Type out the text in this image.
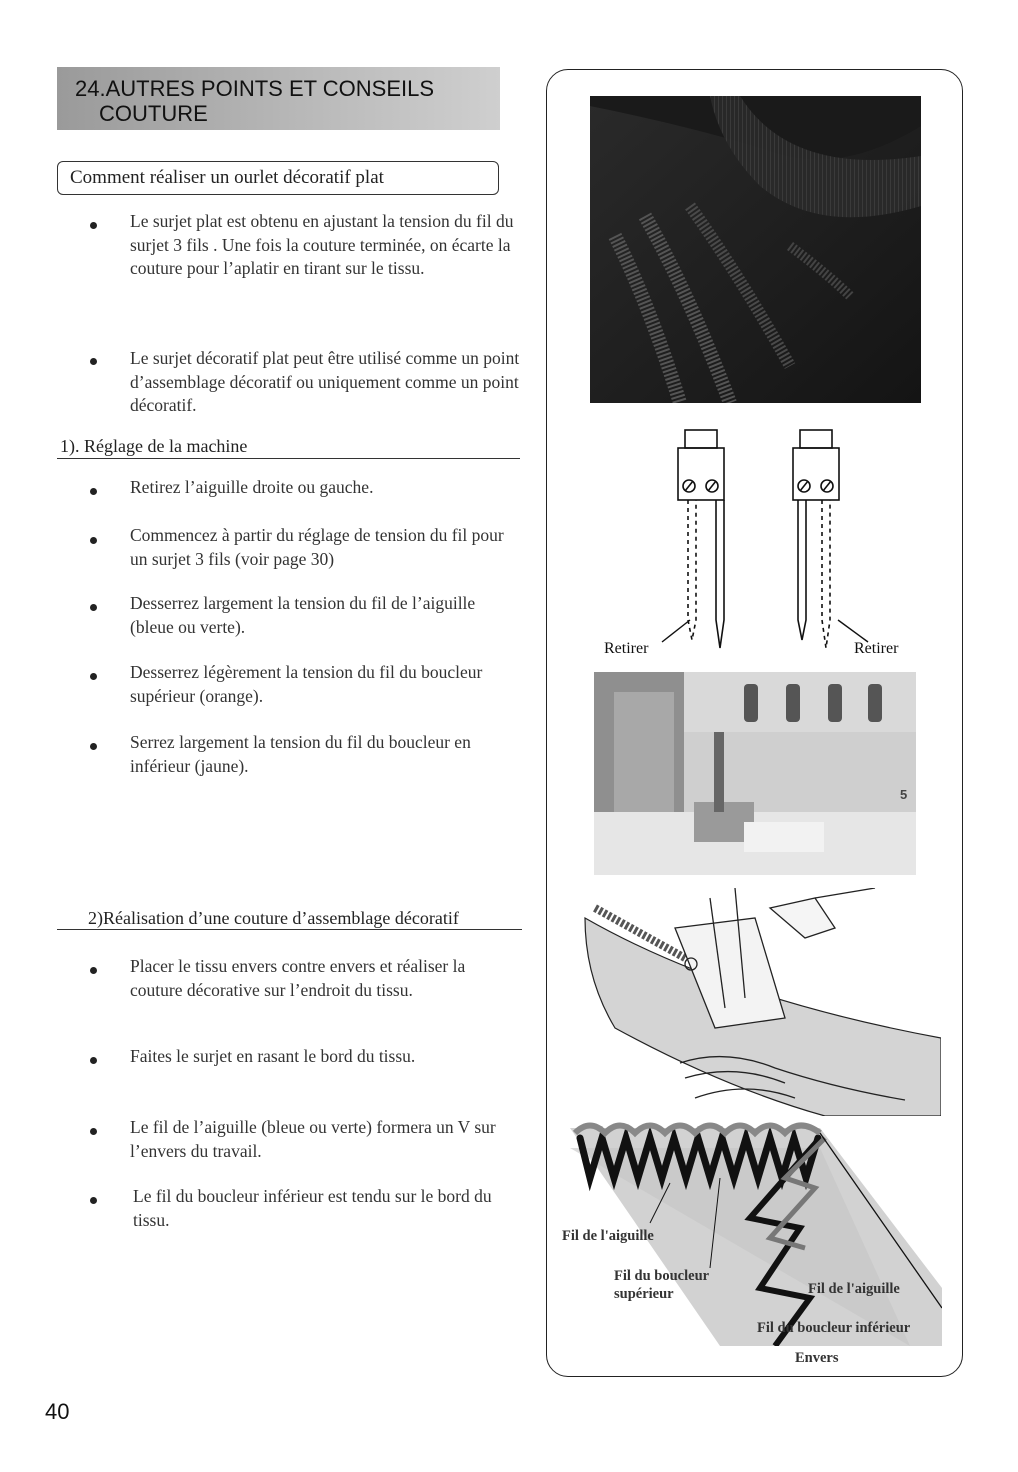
24.AUTRES POINTS ET CONSEILS
COUTURE
Comment réaliser un ourlet décoratif plat
Le surjet plat est obtenu en ajustant la tension du fil du surjet 3 fils . Une fois la couture terminée, on écarte la couture pour l’aplatir en tirant sur le tissu.
Le surjet décoratif plat peut être utilisé comme un point d’assemblage décoratif ou uniquement comme un point décoratif.
1). Réglage de la machine
Retirez l’aiguille droite ou gauche.
Commencez à partir du réglage de tension du fil pour un surjet 3 fils (voir page 30)
Desserrez largement la tension du fil de l’aiguille (bleue ou verte).
Desserrez légèrement la tension du fil du boucleur supérieur (orange).
Serrez largement la tension du fil du boucleur en inférieur (jaune).
2)Réalisation d’une couture d’assemblage décoratif
Placer le tissu envers contre envers et réaliser la couture décorative sur l’endroit du tissu.
Faites le surjet en rasant le bord du tissu.
Le fil de l’aiguille (bleue ou verte) formera un V sur l’envers du travail.
Le fil du boucleur inférieur est tendu sur le bord du tissu.
Retirer	Retirer
5
Fil de l'aiguille
Fil du boucleur
supérieur	Fil de l'aiguille
Fil du boucleur inférieur
Envers
40
